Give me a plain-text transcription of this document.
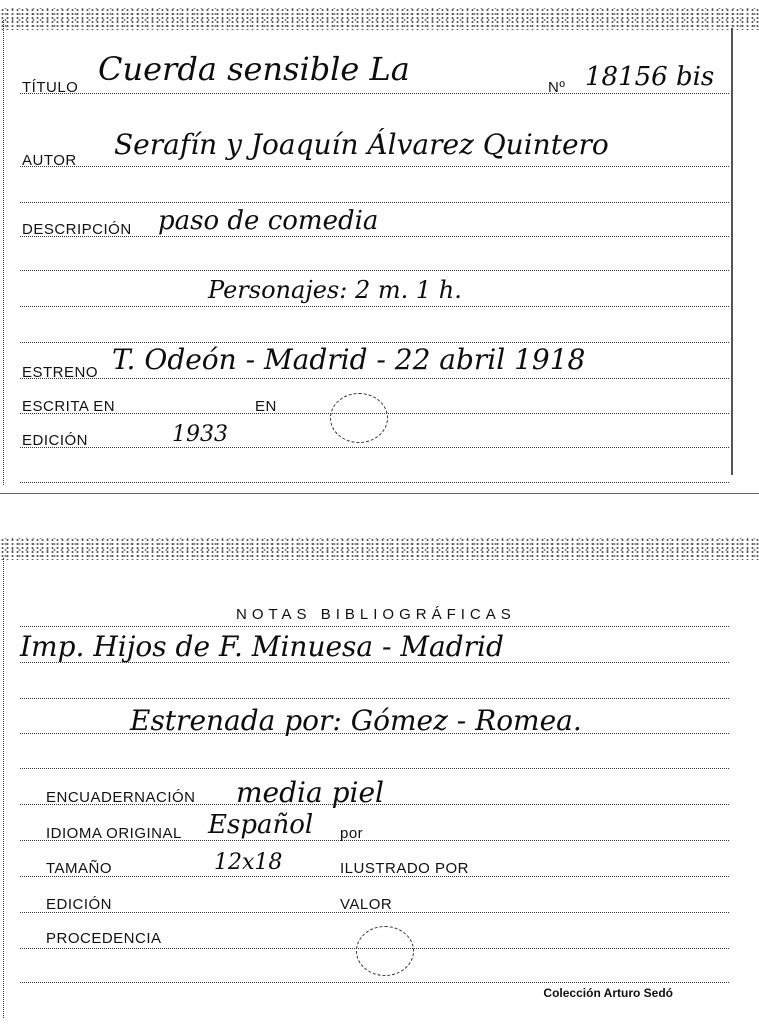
TÍTULO Cuerda sensible La	Nº 18156 bis
AUTOR Serafín y Joaquín Álvarez Quintero
DESCRIPCIÓN paso de comedia
Personajes: 2 m. 1 h.
ESTRENO T. Odeón - Madrid - 22 abril 1918
ESCRITA EN	EN
EDICIÓN	1933
NOTAS BIBLIOGRÁFICAS
Imp. Hijos de F. Minuesa - Madrid
Estrenada por: Gómez - Romea.
ENCUADERNACIÓN media piel
IDIOMA ORIGINAL Español por
TAMAÑO	12x18	ILUSTRADO POR
EDICIÓN	VALOR
PROCEDENCIA
Colección Arturo Sedó
